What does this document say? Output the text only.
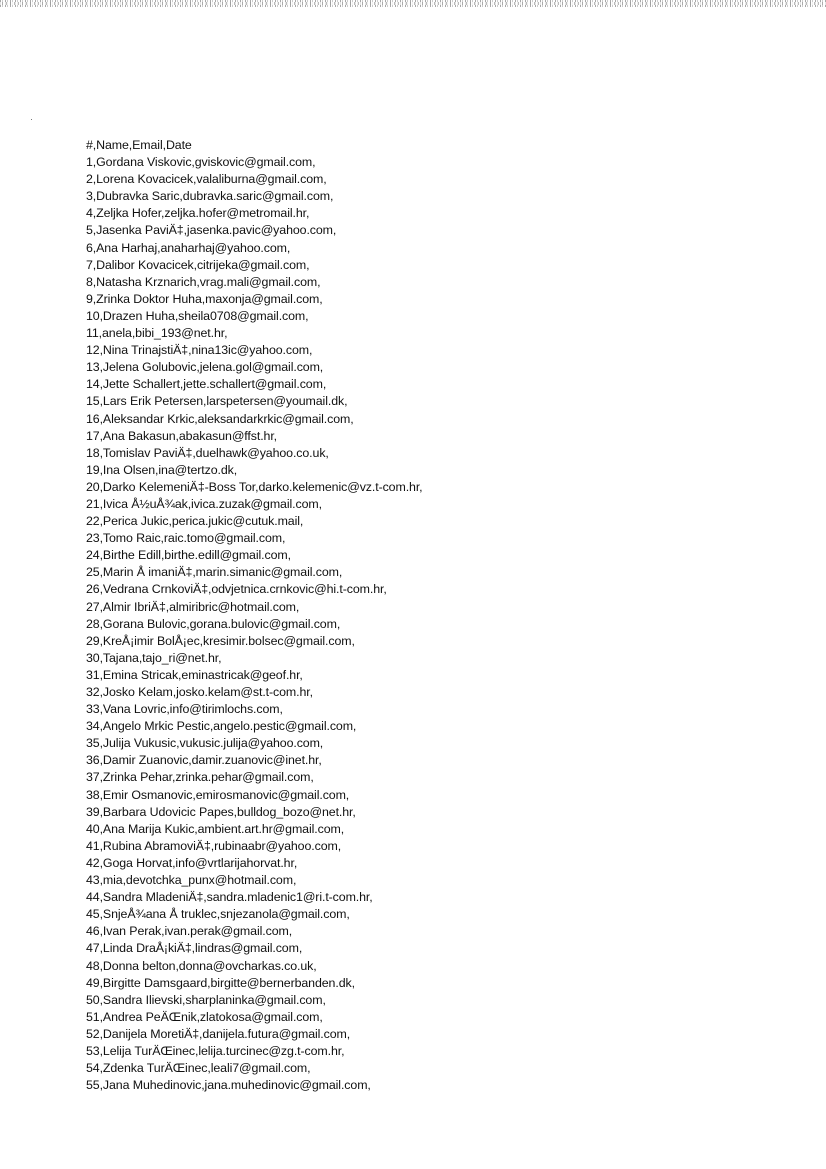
#,Name,Email,Date
1,Gordana Viskovic,gviskovic@gmail.com,
2,Lorena Kovacicek,valaliburna@gmail.com,
3,Dubravka Saric,dubravka.saric@gmail.com,
4,Zeljka Hofer,zeljka.hofer@metromail.hr,
5,Jasenka PaviÄ‡,jasenka.pavic@yahoo.com,
6,Ana Harhaj,anaharhaj@yahoo.com,
7,Dalibor Kovacicek,citrijeka@gmail.com,
8,Natasha Krznarich,vrag.mali@gmail.com,
9,Zrinka Doktor Huha,maxonja@gmail.com,
10,Drazen Huha,sheila0708@gmail.com,
11,anela,bibi_193@net.hr,
12,Nina TrinajstiÄ‡,nina13ic@yahoo.com,
13,Jelena Golubovic,jelena.gol@gmail.com,
14,Jette Schallert,jette.schallert@gmail.com,
15,Lars Erik Petersen,larspetersen@youmail.dk,
16,Aleksandar Krkic,aleksandarkrkic@gmail.com,
17,Ana Bakasun,abakasun@ffst.hr,
18,Tomislav PaviÄ‡,duelhawk@yahoo.co.uk,
19,Ina Olsen,ina@tertzo.dk,
20,Darko KelemeniÄ‡-Boss Tor,darko.kelemenic@vz.t-com.hr,
21,Ivica Å½uÅ¾ak,ivica.zuzak@gmail.com,
22,Perica Jukic,perica.jukic@cutuk.mail,
23,Tomo Raic,raic.tomo@gmail.com,
24,Birthe Edill,birthe.edill@gmail.com,
25,Marin Å imaniÄ‡,marin.simanic@gmail.com,
26,Vedrana CrnkoviÄ‡,odvjetnica.crnkovic@hi.t-com.hr,
27,Almir IbriÄ‡,almiribric@hotmail.com,
28,Gorana Bulovic,gorana.bulovic@gmail.com,
29,KreÅ¡imir BolÅ¡ec,kresimir.bolsec@gmail.com,
30,Tajana,tajo_ri@net.hr,
31,Emina Stricak,eminastricak@geof.hr,
32,Josko Kelam,josko.kelam@st.t-com.hr,
33,Vana Lovric,info@tirimlochs.com,
34,Angelo Mrkic Pestic,angelo.pestic@gmail.com,
35,Julija Vukusic,vukusic.julija@yahoo.com,
36,Damir Zuanovic,damir.zuanovic@inet.hr,
37,Zrinka Pehar,zrinka.pehar@gmail.com,
38,Emir Osmanovic,emirosmanovic@gmail.com,
39,Barbara Udovicic Papes,bulldog_bozo@net.hr,
40,Ana Marija Kukic,ambient.art.hr@gmail.com,
41,Rubina AbramoviÄ‡,rubinaabr@yahoo.com,
42,Goga Horvat,info@vrtlarijahorvat.hr,
43,mia,devotchka_punx@hotmail.com,
44,Sandra MladeniÄ‡,sandra.mladenic1@ri.t-com.hr,
45,SnjeÅ¾ana Å truklec,snjezanola@gmail.com,
46,Ivan Perak,ivan.perak@gmail.com,
47,Linda DraÅ¡kiÄ‡,lindras@gmail.com,
48,Donna belton,donna@ovcharkas.co.uk,
49,Birgitte Damsgaard,birgitte@bernerbanden.dk,
50,Sandra Ilievski,sharplaninka@gmail.com,
51,Andrea PeÄŒnik,zlatokosa@gmail.com,
52,Danijela MoretiÄ‡,danijela.futura@gmail.com,
53,Lelija TurÄŒinec,lelija.turcinec@zg.t-com.hr,
54,Zdenka TurÄŒinec,leali7@gmail.com,
55,Jana Muhedinovic,jana.muhedinovic@gmail.com,
